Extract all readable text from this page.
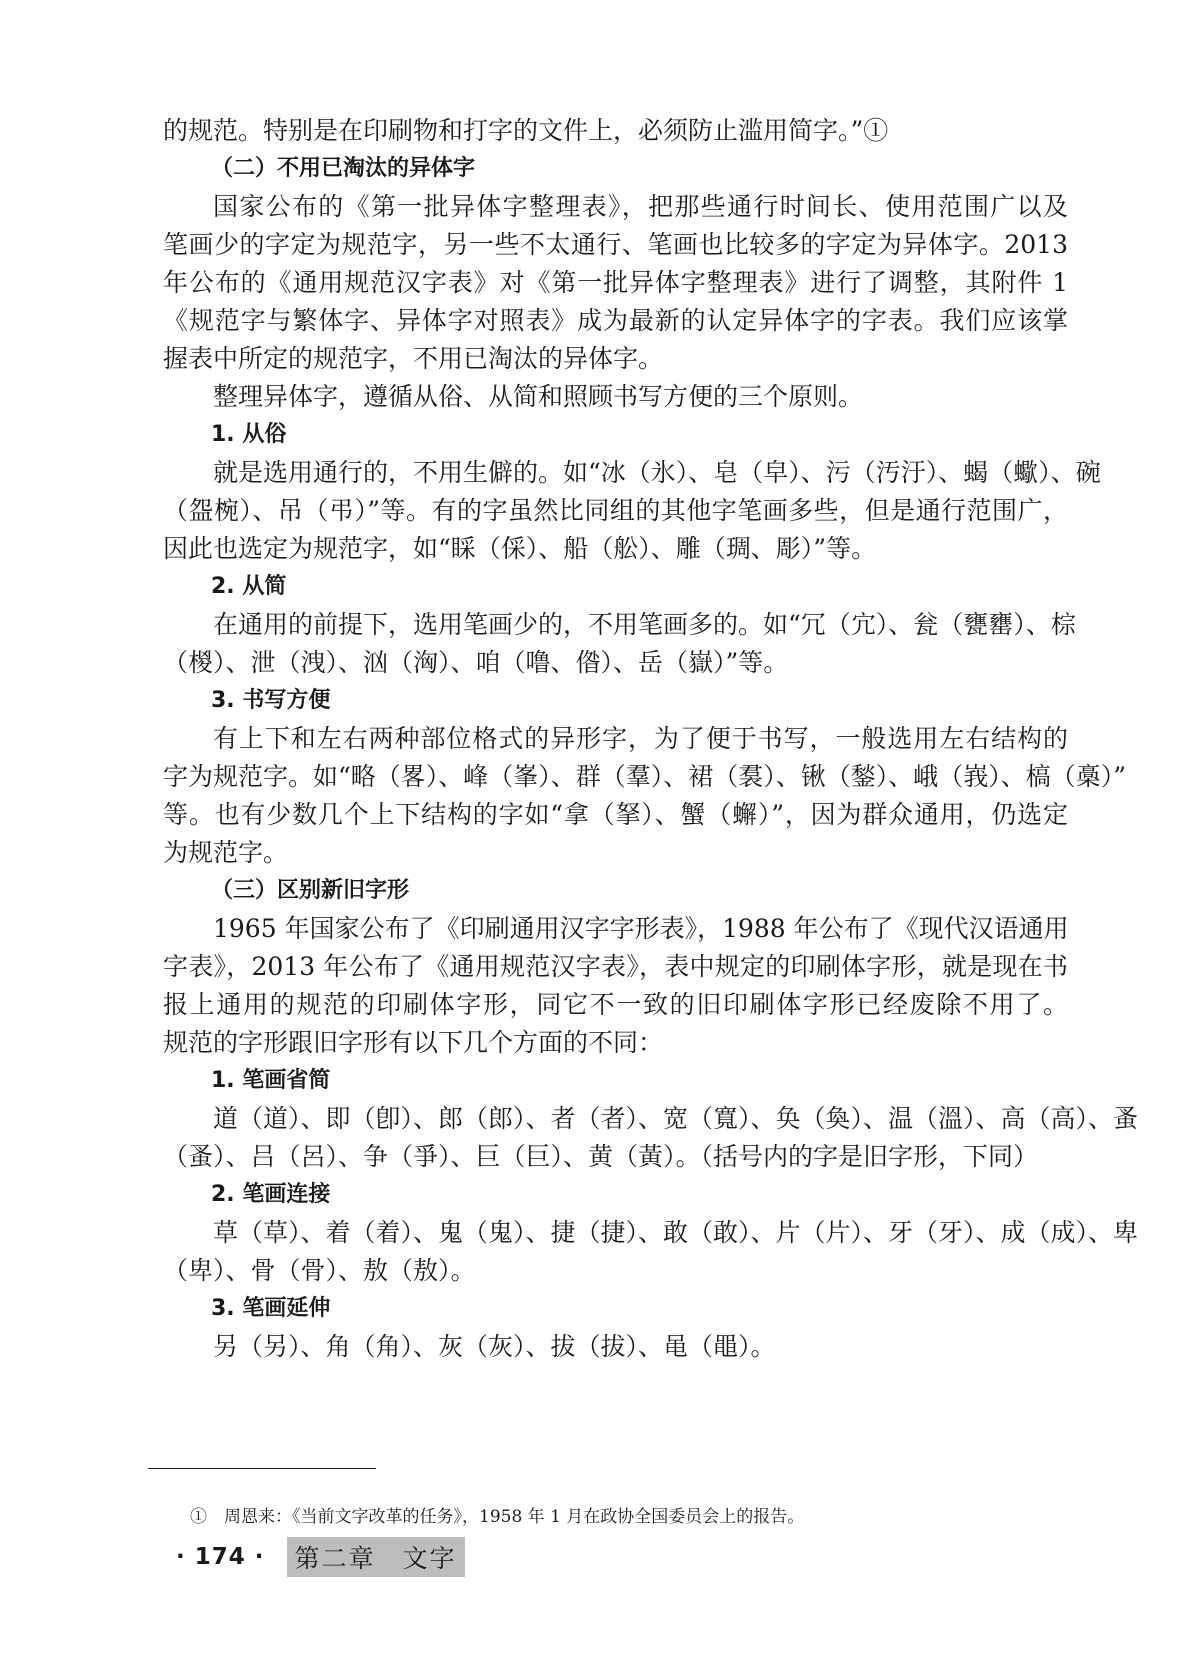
的规范。特别是在印刷物和打字的文件上，必须防止滥用简字。”①
（二）不用已淘汰的异体字
国家公布的《第一批异体字整理表》，把那些通行时间长、使用范围广以及
笔画少的字定为规范字，另一些不太通行、笔画也比较多的字定为异体字。2013
年公布的《通用规范汉字表》对《第一批异体字整理表》进行了调整，其附件 1
《规范字与繁体字、异体字对照表》成为最新的认定异体字的字表。我们应该掌
握表中所定的规范字，不用已淘汰的异体字。
整理异体字，遵循从俗、从简和照顾书写方便的三个原则。
1. 从俗
就是选用通行的，不用生僻的。如“冰（氷）、皂（皁）、污（汚汙）、蝎（蠍）、碗
（盌椀）、吊（弔）”等。有的字虽然比同组的其他字笔画多些，但是通行范围广，
因此也选定为规范字，如“睬（倸）、船（舩）、雕（琱、彫）”等。
2. 从简
在通用的前提下，选用笔画少的，不用笔画多的。如“冗（宂）、瓮（甕罋）、棕
（椶）、泄（洩）、汹（洶）、咱（噜、偺）、岳（嶽）”等。
3. 书写方便
有上下和左右两种部位格式的异形字，为了便于书写，一般选用左右结构的
字为规范字。如“略（畧）、峰（峯）、群（羣）、裙（裠）、锹（鍫）、峨（峩）、槁（槀）”
等。也有少数几个上下结构的字如“拿（拏）、蟹（蠏）”，因为群众通用，仍选定
为规范字。
（三）区别新旧字形
1965 年国家公布了《印刷通用汉字字形表》，1988 年公布了《现代汉语通用
字表》，2013 年公布了《通用规范汉字表》，表中规定的印刷体字形，就是现在书
报上通用的规范的印刷体字形，同它不一致的旧印刷体字形已经废除不用了。
规范的字形跟旧字形有以下几个方面的不同：
1. 笔画省简
道（道）、即（卽）、郎（郎）、者（者）、宽（寬）、奂（奐）、温（溫）、高（高）、蚤
（蚤）、吕（呂）、争（爭）、巨（巨）、黄（黃）。（括号内的字是旧字形，下同）
2. 笔画连接
草（草）、着（着）、鬼（鬼）、捷（捷）、敢（敢）、片（片）、牙（牙）、成（成）、卑
（卑）、骨（骨）、敖（敖）。
3. 笔画延伸
另（另）、角（角）、灰（灰）、拔（拔）、黾（黽）。
①　周恩来：《当前文字改革的任务》，1958 年 1 月在政协全国委员会上的报告。
· 174 ·	第二章　文字
